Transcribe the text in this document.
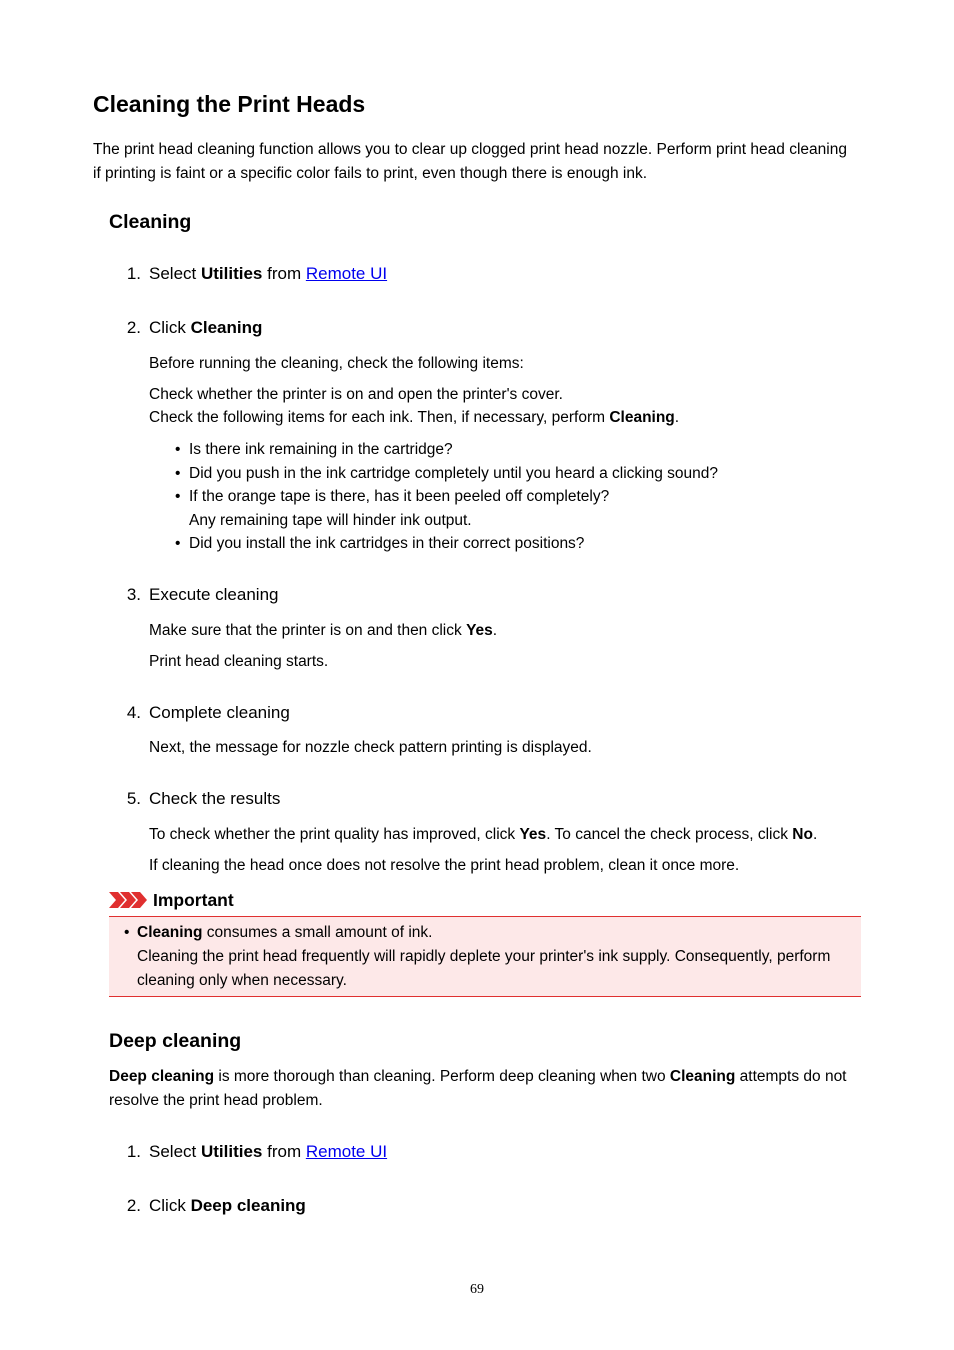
Cleaning the Print Heads

The print head cleaning function allows you to clear up clogged print head nozzle. Perform print head cleaning if printing is faint or a specific color fails to print, even though there is enough ink.

Cleaning
1. Select Utilities from Remote UI
2. Click Cleaning

Before running the cleaning, check the following items:

Check whether the printer is on and open the printer's cover.

Check the following items for each ink. Then, if necessary, perform Cleaning.

• Is there ink remaining in the cartridge?
• Did you push in the ink cartridge completely until you heard a clicking sound?
• If the orange tape is there, has it been peeled off completely?
Any remaining tape will hinder ink output.
• Did you install the ink cartridges in their correct positions?
3. Execute cleaning

Make sure that the printer is on and then click Yes.

Print head cleaning starts.

4. Complete cleaning

Next, the message for nozzle check pattern printing is displayed.

5. Check the results

To check whether the print quality has improved, click Yes. To cancel the check process, click No.

If cleaning the head once does not resolve the print head problem, clean it once more.

Important
• Cleaning consumes a small amount of ink.
Cleaning the print head frequently will rapidly deplete your printer's ink supply. Consequently, perform cleaning only when necessary.
Deep cleaning

Deep cleaning is more thorough than cleaning. Perform deep cleaning when two Cleaning attempts do not resolve the print head problem.

1. Select Utilities from Remote UI
2. Click Deep cleaning
69
